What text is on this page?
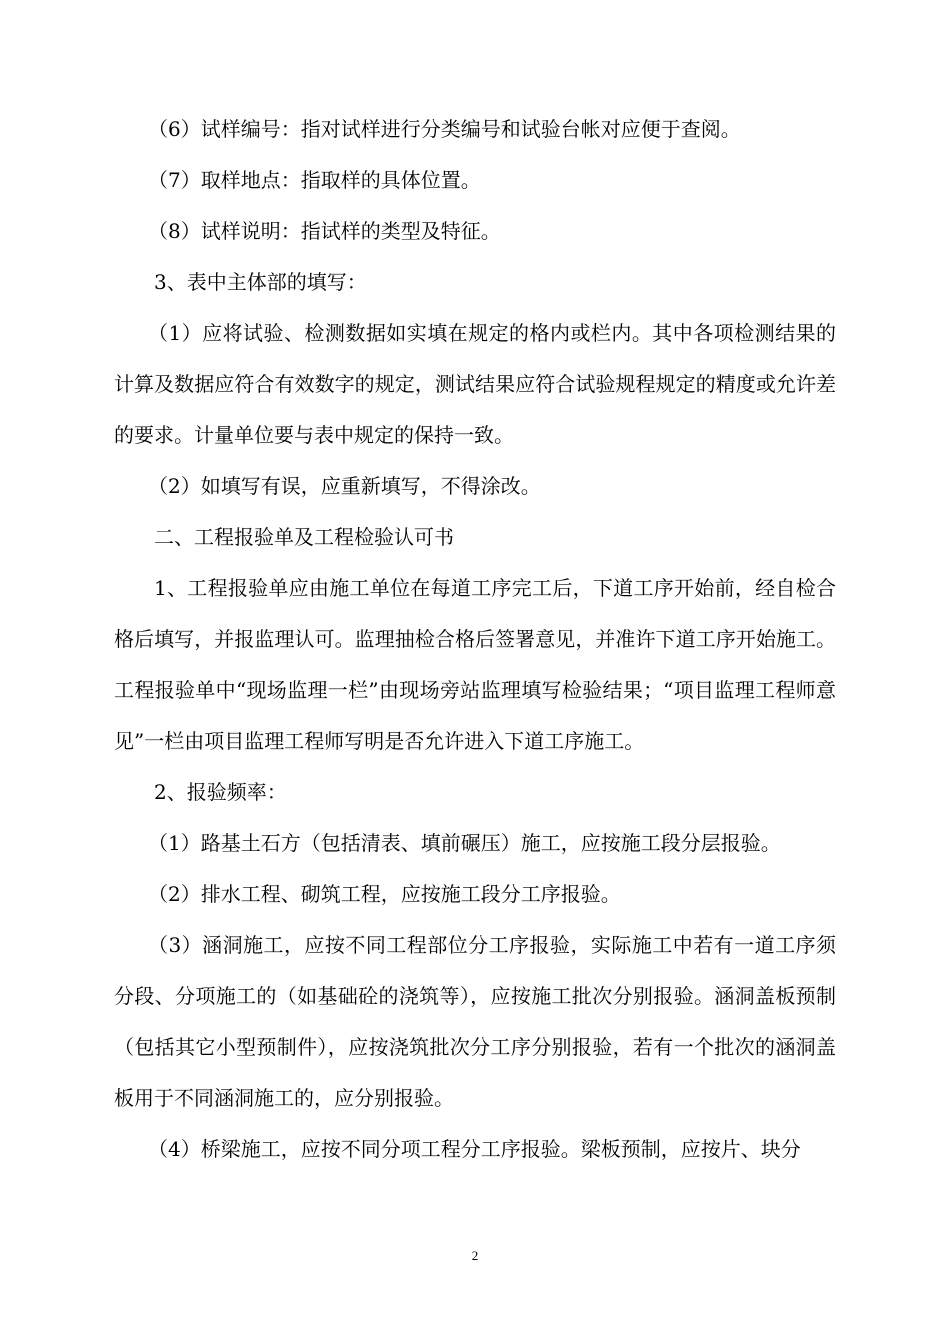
（6）试样编号：指对试样进行分类编号和试验台帐对应便于查阅。

（7）取样地点：指取样的具体位置。

（8）试样说明：指试样的类型及特征。

3、表中主体部的填写：

（1）应将试验、检测数据如实填在规定的格内或栏内。其中各项检测结果的计算及数据应符合有效数字的规定，测试结果应符合试验规程规定的精度或允许差的要求。计量单位要与表中规定的保持一致。

（2）如填写有误，应重新填写，不得涂改。

二、工程报验单及工程检验认可书

1、工程报验单应由施工单位在每道工序完工后，下道工序开始前，经自检合格后填写，并报监理认可。监理抽检合格后签署意见，并准许下道工序开始施工。工程报验单中“现场监理一栏”由现场旁站监理填写检验结果；“项目监理工程师意见”一栏由项目监理工程师写明是否允许进入下道工序施工。

2、报验频率：

（1）路基土石方（包括清表、填前碾压）施工，应按施工段分层报验。

（2）排水工程、砌筑工程，应按施工段分工序报验。

（3）涵洞施工，应按不同工程部位分工序报验，实际施工中若有一道工序须分段、分项施工的（如基础砼的浇筑等），应按施工批次分别报验。涵洞盖板预制（包括其它小型预制件），应按浇筑批次分工序分别报验，若有一个批次的涵洞盖板用于不同涵洞施工的，应分别报验。

（4）桥梁施工，应按不同分项工程分工序报验。梁板预制，应按片、块分

2
